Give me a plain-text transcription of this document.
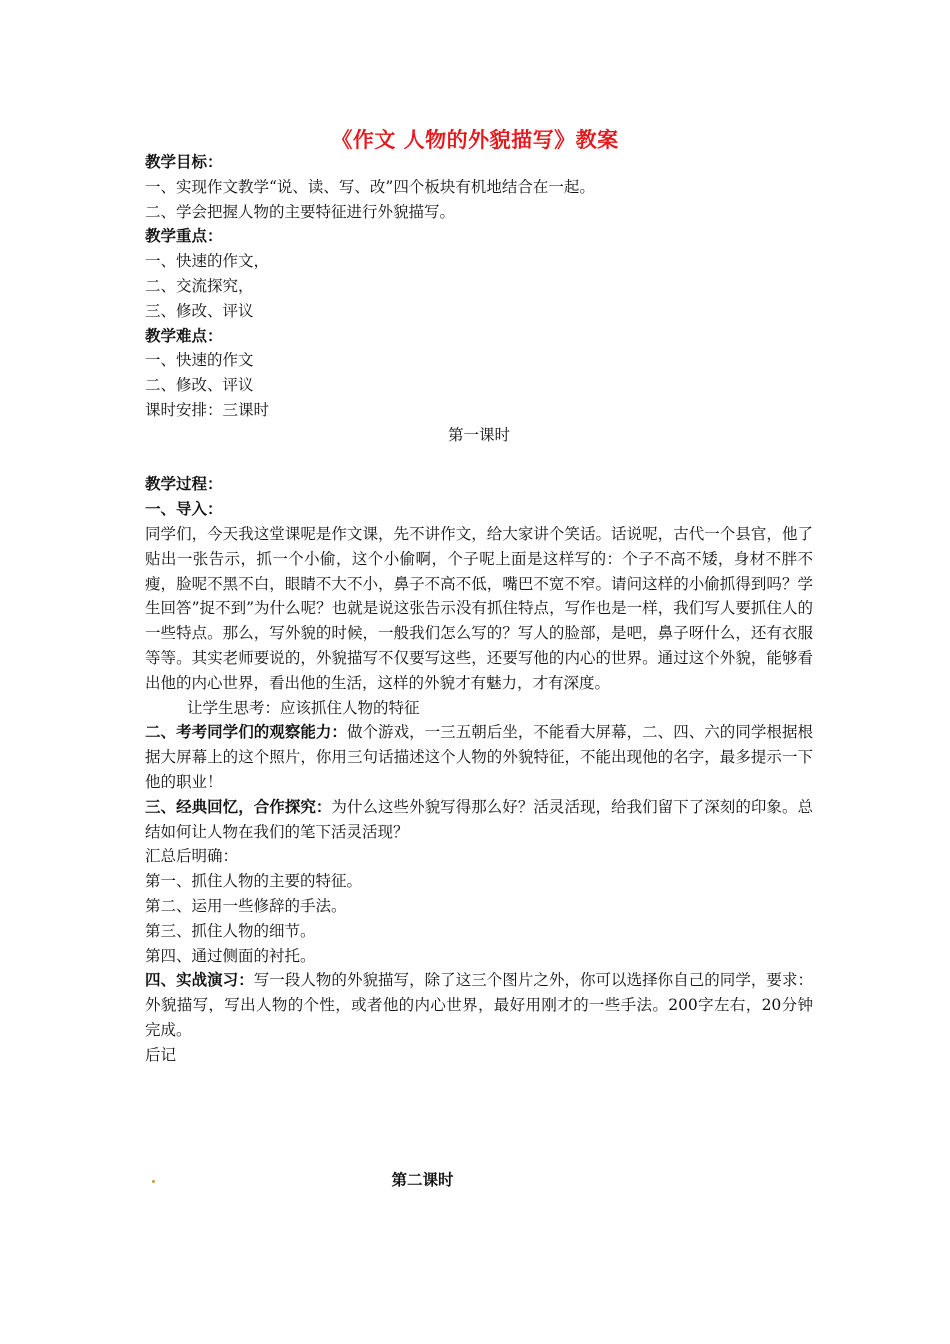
《作文 人物的外貌描写》教案
教学目标：
一、实现作文教学“说、读、写、改”四个板块有机地结合在一起。
二、学会把握人物的主要特征进行外貌描写。
教学重点：
一、快速的作文，
二、交流探究，
三、修改、评议
教学难点：
一、快速的作文
二、修改、评议
课时安排：三课时
第一课时
教学过程：
一、导入：
同学们，今天我这堂课呢是作文课，先不讲作文，给大家讲个笑话。话说呢，古代一个县官，他了贴出一张告示，抓一个小偷，这个小偷啊，个子呢上面是这样写的：个子不高不矮，身材不胖不瘦，脸呢不黑不白，眼睛不大不小，鼻子不高不低，嘴巴不宽不窄。请问这样的小偷抓得到吗？学生回答”捉不到”为什么呢？也就是说这张告示没有抓住特点，写作也是一样，我们写人要抓住人的一些特点。那么，写外貌的时候，一般我们怎么写的？写人的脸部，是吧，鼻子呀什么，还有衣服等等。其实老师要说的，外貌描写不仅要写这些，还要写他的内心的世界。通过这个外貌，能够看出他的内心世界，看出他的生活，这样的外貌才有魅力，才有深度。
让学生思考：应该抓住人物的特征
二、考考同学们的观察能力：做个游戏，一三五朝后坐，不能看大屏幕，二、四、六的同学根据根据大屏幕上的这个照片，你用三句话描述这个人物的外貌特征，不能出现他的名字，最多提示一下他的职业！
三、经典回忆，合作探究：为什么这些外貌写得那么好？活灵活现，给我们留下了深刻的印象。总结如何让人物在我们的笔下活灵活现？
汇总后明确：
第一、抓住人物的主要的特征。
第二、运用一些修辞的手法。
第三、抓住人物的细节。
第四、通过侧面的衬托。
四、实战演习：写一段人物的外貌描写，除了这三个图片之外，你可以选择你自己的同学，要求：外貌描写，写出人物的个性，或者他的内心世界，最好用刚才的一些手法。200字左右，20分钟完成。
后记
第二课时
